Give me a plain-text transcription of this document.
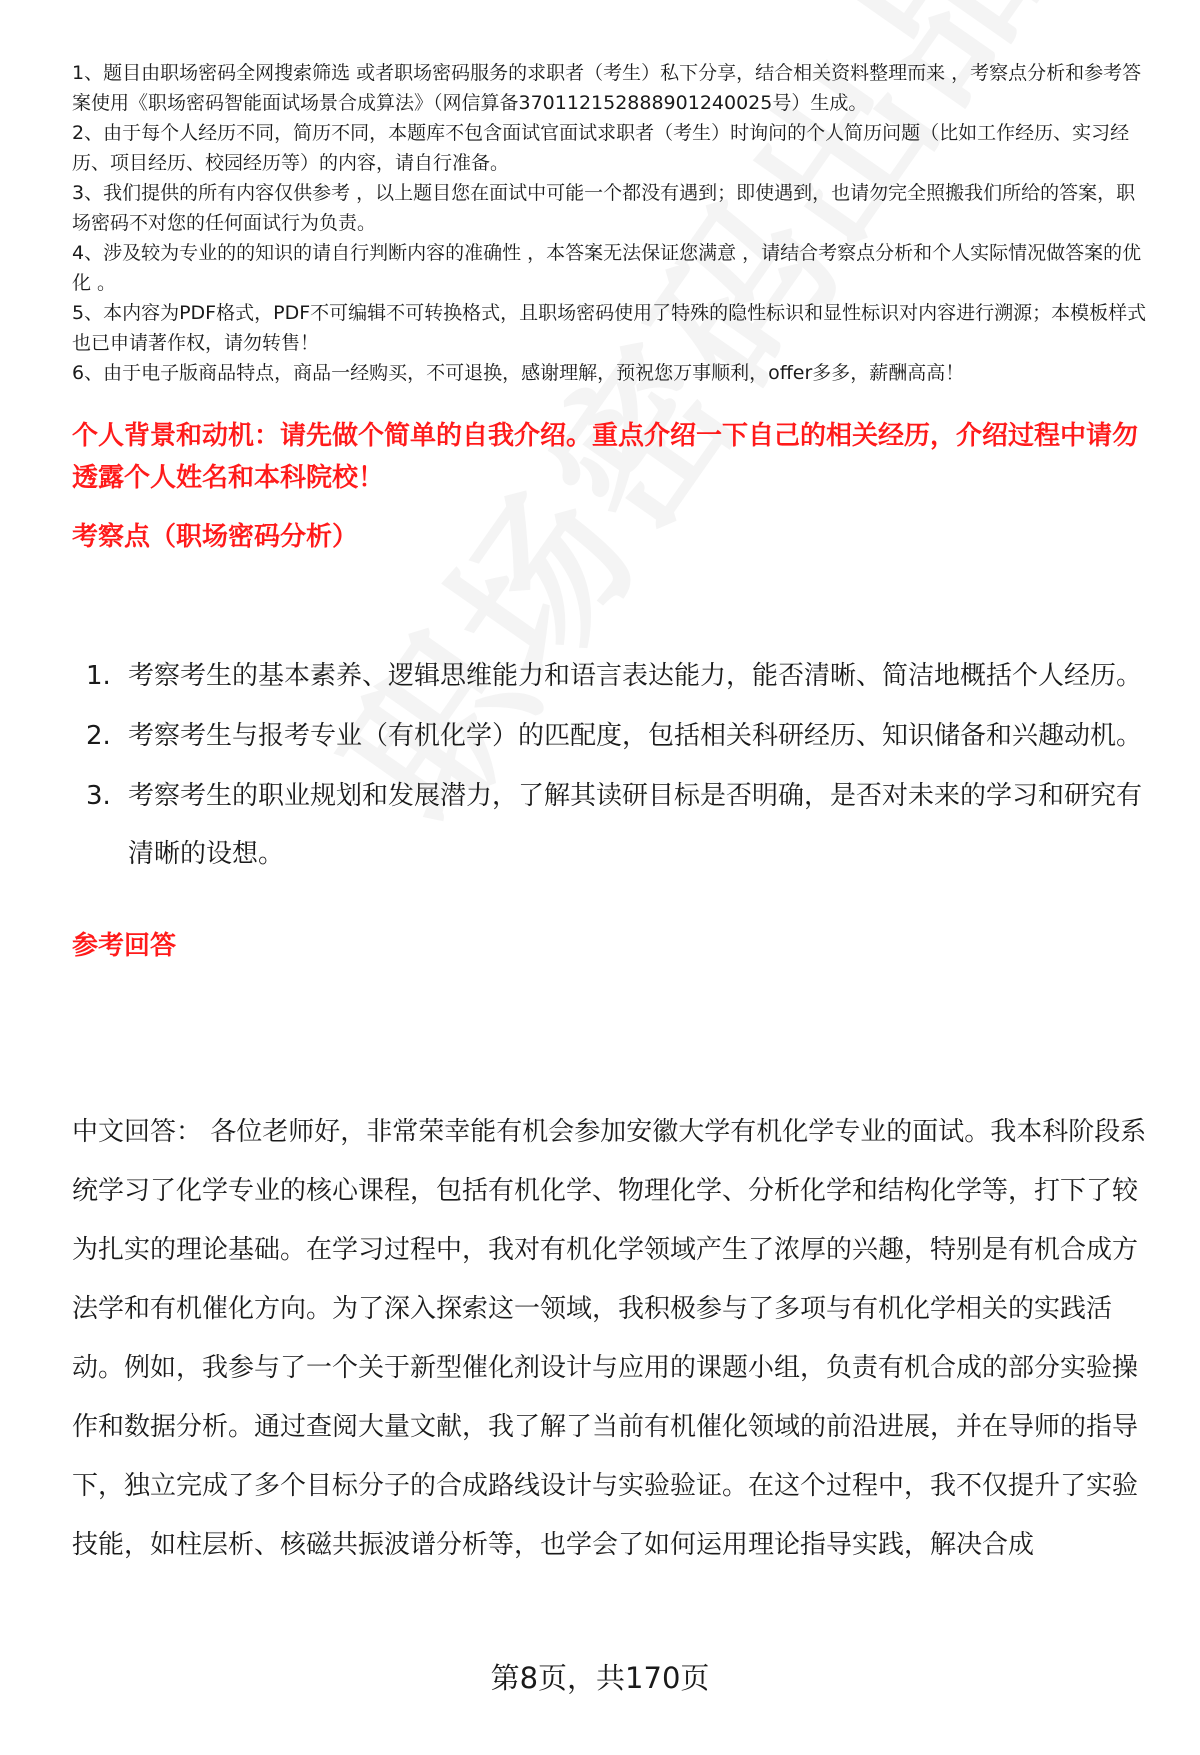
1、题目由职场密码全网搜索筛选 或者职场密码服务的求职者（考生）私下分享，结合相关资料整理而来 ，考察点分析和参考答案使用《职场密码智能面试场景合成算法》（网信算备370112152888901240025号）生成。

2、由于每个人经历不同，简历不同，本题库不包含面试官面试求职者（考生）时询问的个人简历问题（比如工作经历、实习经历、项目经历、校园经历等）的内容，请自行准备。

3、我们提供的所有内容仅供参考 ，以上题目您在面试中可能一个都没有遇到；即使遇到，也请勿完全照搬我们所给的答案，职场密码不对您的任何面试行为负责。

4、涉及较为专业的的知识的请自行判断内容的准确性 ，本答案无法保证您满意 ，请结合考察点分析和个人实际情况做答案的优化 。

5、本内容为PDF格式，PDF不可编辑不可转换格式，且职场密码使用了特殊的隐性标识和显性标识对内容进行溯源；本模板样式也已申请著作权，请勿转售！

6、由于电子版商品特点，商品一经购买，不可退换，感谢理解，预祝您万事顺利，offer多多，薪酬高高！

个人背景和动机：请先做个简单的自我介绍。重点介绍一下自己的相关经历，介绍过程中请勿透露个人姓名和本科院校！
考察点（职场密码分析）
1. 考察考生的基本素养、逻辑思维能力和语言表达能力，能否清晰、简洁地概括个人经历。
2. 考察考生与报考专业（有机化学）的匹配度，包括相关科研经历、知识储备和兴趣动机。
3. 考察考生的职业规划和发展潜力，了解其读研目标是否明确，是否对未来的学习和研究有清晰的设想。
参考回答

中文回答： 各位老师好，非常荣幸能有机会参加安徽大学有机化学专业的面试。我本科阶段系统学习了化学专业的核心课程，包括有机化学、物理化学、分析化学和结构化学等，打下了较为扎实的理论基础。在学习过程中，我对有机化学领域产生了浓厚的兴趣，特别是有机合成方法学和有机催化方向。为了深入探索这一领域，我积极参与了多项与有机化学相关的实践活动。例如，我参与了一个关于新型催化剂设计与应用的课题小组，负责有机合成的部分实验操作和数据分析。通过查阅大量文献，我了解了当前有机催化领域的前沿进展，并在导师的指导下，独立完成了多个目标分子的合成路线设计与实验验证。在这个过程中，我不仅提升了实验技能，如柱层析、核磁共振波谱分析等，也学会了如何运用理论指导实践，解决合成

第8页，共170页
